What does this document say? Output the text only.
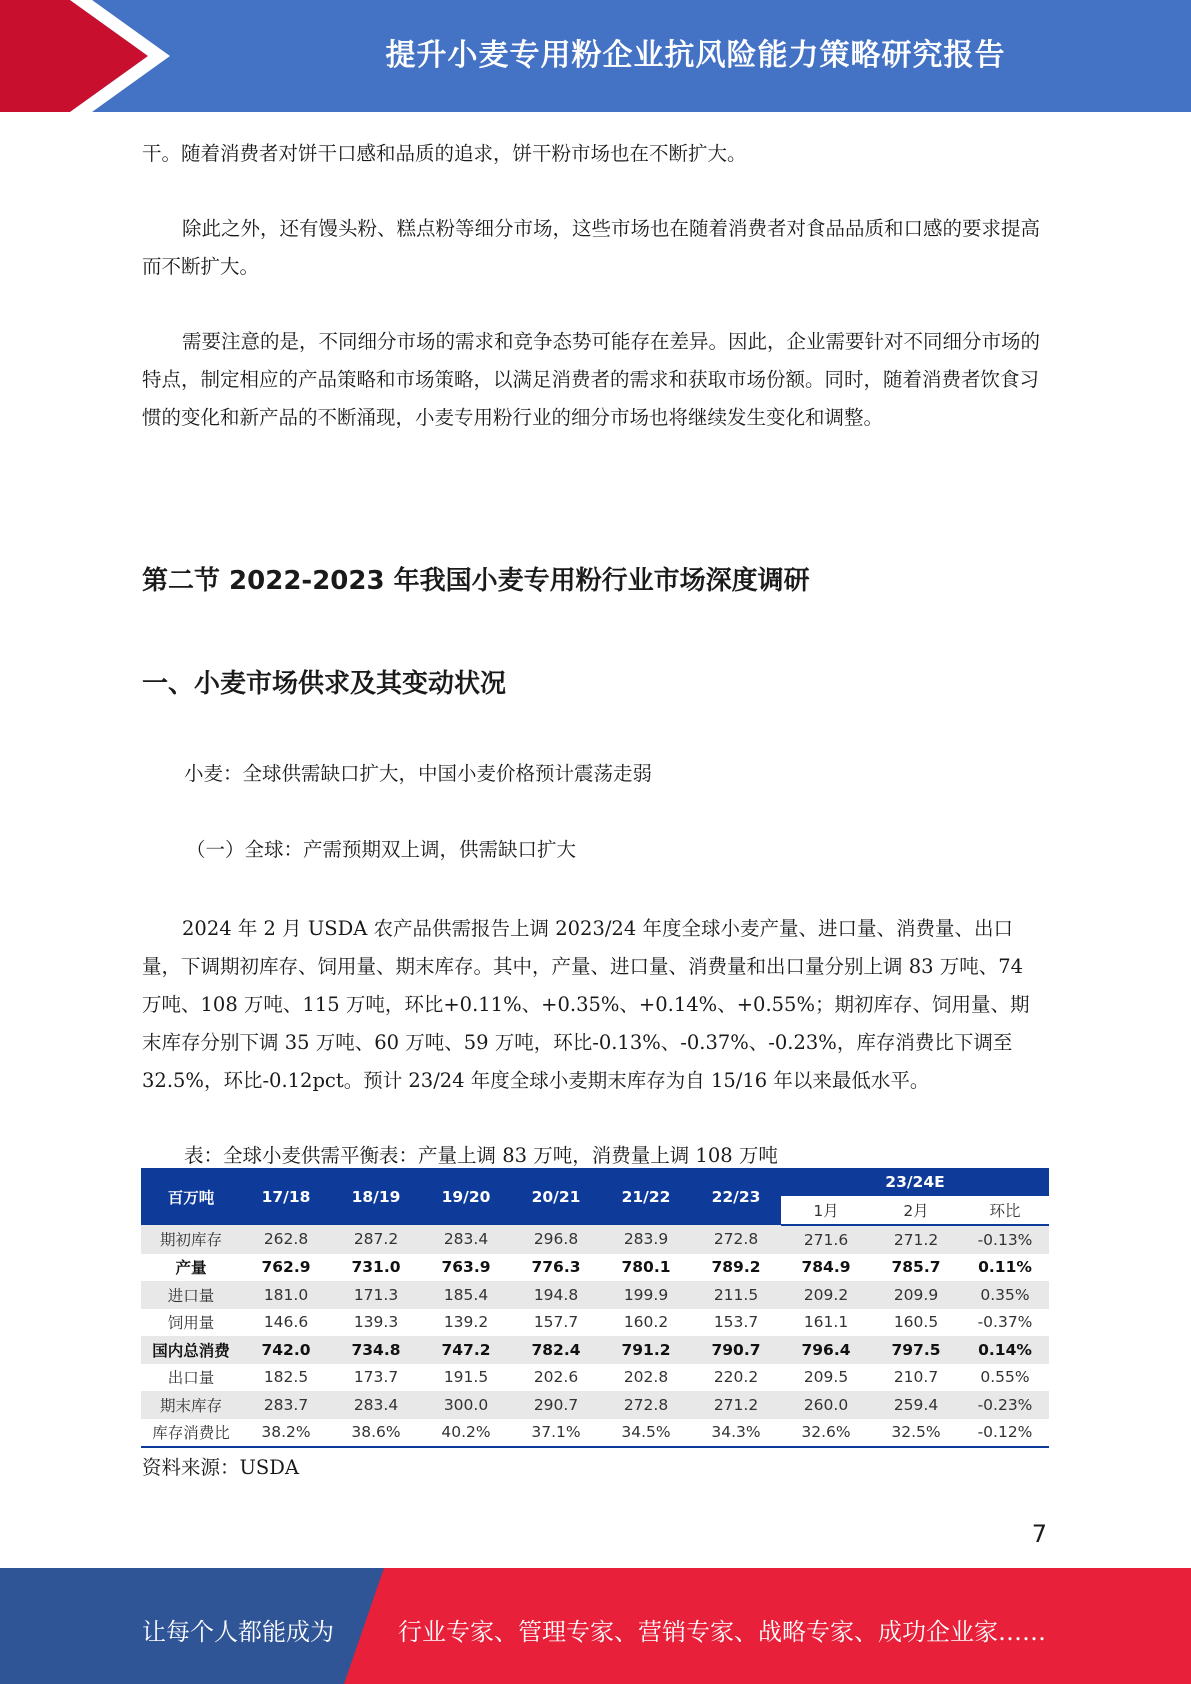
提升小麦专用粉企业抗风险能力策略研究报告

干。随着消费者对饼干口感和品质的追求，饼干粉市场也在不断扩大。

除此之外，还有馒头粉、糕点粉等细分市场，这些市场也在随着消费者对食品品质和口感的要求提高而不断扩大。

需要注意的是，不同细分市场的需求和竞争态势可能存在差异。因此，企业需要针对不同细分市场的特点，制定相应的产品策略和市场策略，以满足消费者的需求和获取市场份额。同时，随着消费者饮食习惯的变化和新产品的不断涌现，小麦专用粉行业的细分市场也将继续发生变化和调整。

第二节 2022-2023 年我国小麦专用粉行业市场深度调研
一、小麦市场供求及其变动状况

小麦：全球供需缺口扩大，中国小麦价格预计震荡走弱

（一）全球：产需预期双上调，供需缺口扩大

2024 年 2 月 USDA 农产品供需报告上调 2023/24 年度全球小麦产量、进口量、消费量、出口量，下调期初库存、饲用量、期末库存。其中，产量、进口量、消费量和出口量分别上调 83 万吨、74 万吨、108 万吨、115 万吨，环比+0.11%、+0.35%、+0.14%、+0.55%；期初库存、饲用量、期末库存分别下调 35 万吨、60 万吨、59 万吨，环比-0.13%、-0.37%、-0.23%，库存消费比下调至 32.5%，环比-0.12pct。预计 23/24 年度全球小麦期末库存为自 15/16 年以来最低水平。

表：全球小麦供需平衡表：产量上调 83 万吨，消费量上调 108 万吨

百万吨	17/18	18/19	19/20	20/21	21/22	22/23	23/24E		
							1月	2月	环比
期初库存	262.8	287.2	283.4	296.8	283.9	272.8	271.6	271.2	-0.13%
产量	762.9	731.0	763.9	776.3	780.1	789.2	784.9	785.7	0.11%
进口量	181.0	171.3	185.4	194.8	199.9	211.5	209.2	209.9	0.35%
饲用量	146.6	139.3	139.2	157.7	160.2	153.7	161.1	160.5	-0.37%
国内总消费	742.0	734.8	747.2	782.4	791.2	790.7	796.4	797.5	0.14%
出口量	182.5	173.7	191.5	202.6	202.8	220.2	209.5	210.7	0.55%
期末库存	283.7	283.4	300.0	290.7	272.8	271.2	260.0	259.4	-0.23%
库存消费比	38.2%	38.6%	40.2%	37.1%	34.5%	34.3%	32.6%	32.5%	-0.12%

资料来源：USDA

7
让每个人都能成为	行业专家、管理专家、营销专家、战略专家、成功企业家……
